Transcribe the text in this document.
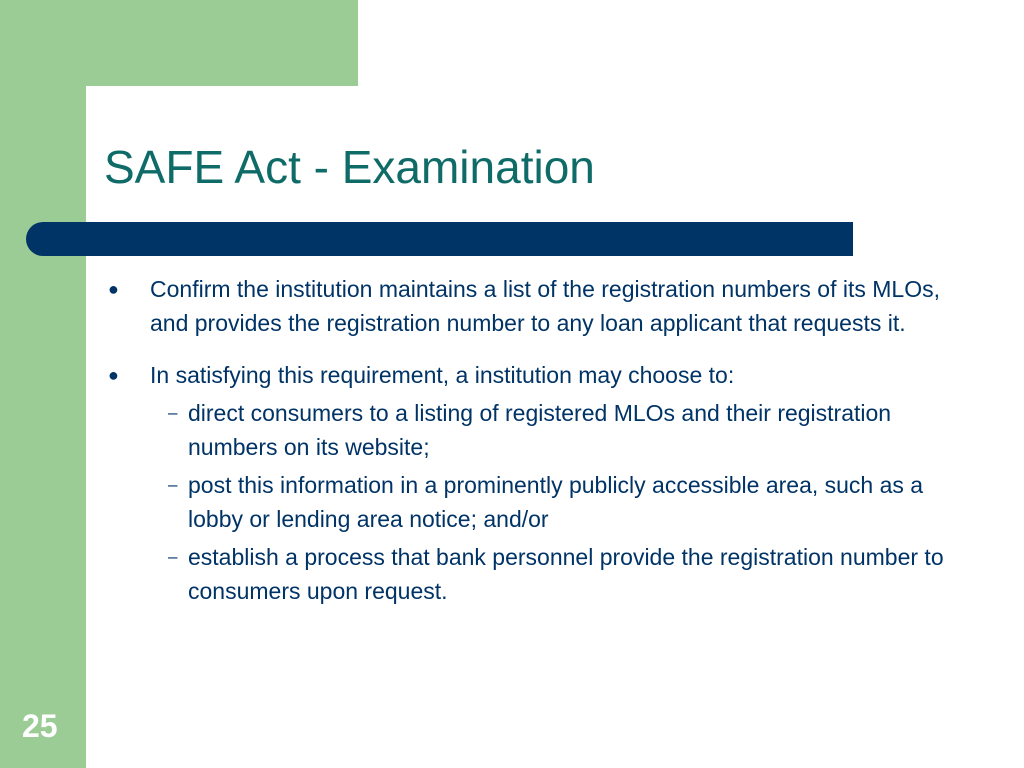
SAFE Act - Examination
● Confirm the institution maintains a list of the registration numbers of its MLOs, and provides the registration number to any loan applicant that requests it.
● In satisfying this requirement, a institution may choose to:
– direct consumers to a listing of registered MLOs and their registration numbers on its website;
– post this information in a prominently publicly accessible area, such as a lobby or lending area notice; and/or
– establish a process that bank personnel provide the registration number to consumers upon request.
25
